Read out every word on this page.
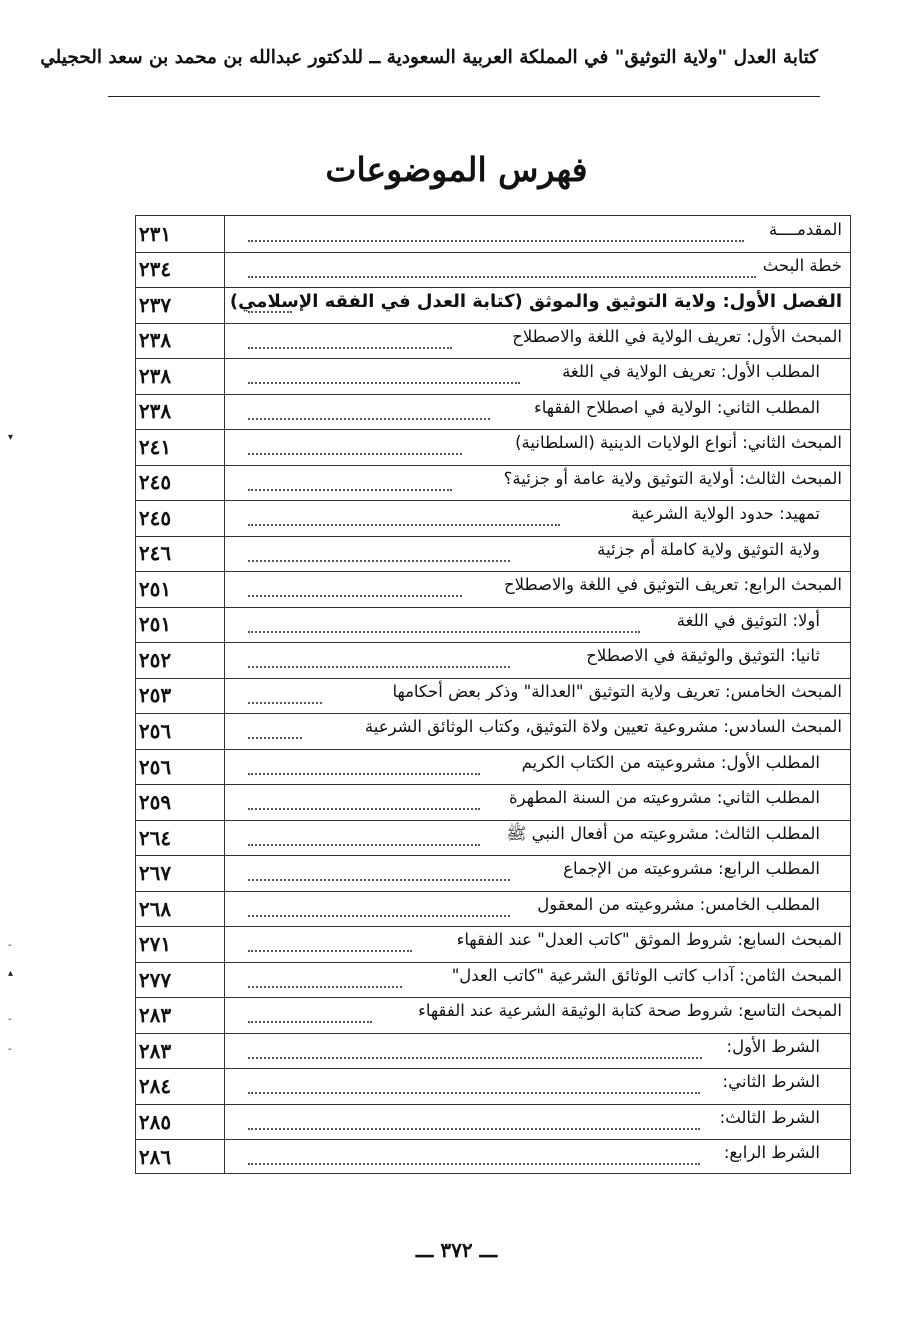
كتابة العدل "ولاية التوثيق" في المملكة العربية السعودية ــ للدكتور عبدالله بن محمد بن سعد الحجيلي
فهرس الموضوعات
٢٣١	المقدمــــة
٢٣٤	خطة البحث
٢٣٧	الفصل الأول: ولاية التوثيق والموثق (كتابة العدل في الفقه الإسلامي)
٢٣٨	المبحث الأول: تعريف الولاية في اللغة والاصطلاح
٢٣٨	المطلب الأول: تعريف الولاية في اللغة
٢٣٨	المطلب الثاني: الولاية في اصطلاح الفقهاء
٢٤١	المبحث الثاني: أنواع الولايات الدينية (السلطانية)
٢٤٥	المبحث الثالث: أولاية التوثيق ولاية عامة أو جزئية؟
٢٤٥	تمهيد: حدود الولاية الشرعية
٢٤٦	ولاية التوثيق ولاية كاملة أم جزئية
٢٥١	المبحث الرابع: تعريف التوثيق في اللغة والاصطلاح
٢٥١	أولا: التوثيق في اللغة
٢٥٢	ثانيا: التوثيق والوثيقة في الاصطلاح
٢٥٣	المبحث الخامس: تعريف ولاية التوثيق "العدالة" وذكر بعض أحكامها
٢٥٦	المبحث السادس: مشروعية تعيين ولاة التوثيق، وكتاب الوثائق الشرعية
٢٥٦	المطلب الأول: مشروعيته من الكتاب الكريم
٢٥٩	المطلب الثاني: مشروعيته من السنة المطهرة
٢٦٤	المطلب الثالث: مشروعيته من أفعال النبي ﷺ
٢٦٧	المطلب الرابع: مشروعيته من الإجماع
٢٦٨	المطلب الخامس: مشروعيته من المعقول
٢٧١	المبحث السابع: شروط الموثق "كاتب العدل" عند الفقهاء
٢٧٧	المبحث الثامن: آداب كاتب الوثائق الشرعية "كاتب العدل"
٢٨٣	المبحث التاسع: شروط صحة كتابة الوثيقة الشرعية عند الفقهاء
٢٨٣	الشرط الأول:
٢٨٤	الشرط الثاني:
٢٨٥	الشرط الثالث:
٢٨٦	الشرط الرابع:
▾
-
▴
-
-
ـــ ٣٧٢ ـــ
